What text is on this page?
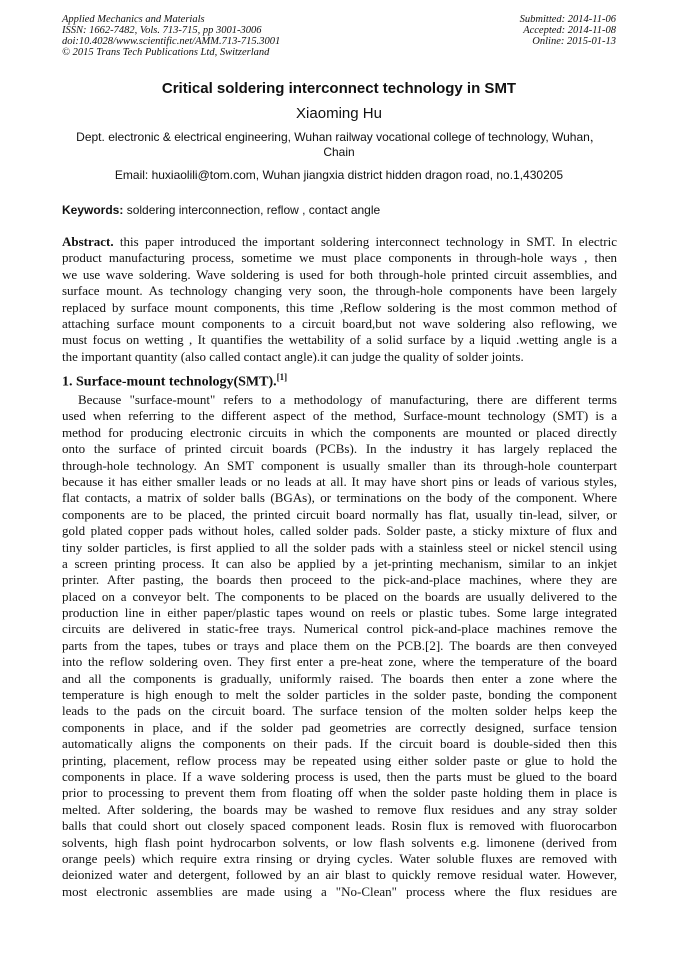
Applied Mechanics and Materials
ISSN: 1662-7482, Vols. 713-715, pp 3001-3006
doi:10.4028/www.scientific.net/AMM.713-715.3001
© 2015 Trans Tech Publications Ltd, Switzerland
Submitted: 2014-11-06
Accepted: 2014-11-08
Online: 2015-01-13
Critical soldering interconnect technology in SMT
Xiaoming Hu
Dept. electronic & electrical engineering, Wuhan railway vocational college of technology, Wuhan，
Chain
Email: huxiaolili@tom.com, Wuhan jiangxia district hidden dragon road, no.1,430205
Keywords: soldering interconnection, reflow , contact angle
Abstract. this paper introduced the important soldering interconnect technology in SMT. In electric
product manufacturing process, sometime we must place components in through-hole ways , then
we use wave soldering. Wave soldering is used for both through-hole printed circuit assemblies, and
surface mount. As technology changing very soon, the through-hole components have been largely
replaced by surface mount components, this time ,Reflow soldering is the most common method of
attaching surface mount components to a circuit board,but not wave soldering also reflowing, we
must focus on wetting , It quantifies the wettability of a solid surface by a liquid .wetting angle is a
the important quantity (also called contact angle).it can judge the quality of solder joints.
1. Surface-mount technology(SMT).[1]
Because "surface-mount" refers to a methodology of manufacturing, there are different terms
used when referring to the different aspect of the method, Surface-mount technology (SMT) is a
method for producing electronic circuits in which the components are mounted or placed directly
onto the surface of printed circuit boards (PCBs). In the industry it has largely replaced the
through-hole technology. An SMT component is usually smaller than its through-hole counterpart
because it has either smaller leads or no leads at all. It may have short pins or leads of various styles,
flat contacts, a matrix of solder balls (BGAs), or terminations on the body of the component. Where
components are to be placed, the printed circuit board normally has flat, usually tin-lead, silver, or
gold plated copper pads without holes, called solder pads. Solder paste, a sticky mixture of flux and
tiny solder particles, is first applied to all the solder pads with a stainless steel or nickel stencil using
a screen printing process. It can also be applied by a jet-printing mechanism, similar to an inkjet
printer. After pasting, the boards then proceed to the pick-and-place machines, where they are
placed on a conveyor belt. The components to be placed on the boards are usually delivered to the
production line in either paper/plastic tapes wound on reels or plastic tubes. Some large integrated
circuits are delivered in static-free trays. Numerical control pick-and-place machines remove the
parts from the tapes, tubes or trays and place them on the PCB.[2]. The boards are then conveyed
into the reflow soldering oven. They first enter a pre-heat zone, where the temperature of the board
and all the components is gradually, uniformly raised. The boards then enter a zone where the
temperature is high enough to melt the solder particles in the solder paste, bonding the component
leads to the pads on the circuit board. The surface tension of the molten solder helps keep the
components in place, and if the solder pad geometries are correctly designed, surface tension
automatically aligns the components on their pads. If the circuit board is double-sided then this
printing, placement, reflow process may be repeated using either solder paste or glue to hold the
components in place. If a wave soldering process is used, then the parts must be glued to the board
prior to processing to prevent them from floating off when the solder paste holding them in place is
melted. After soldering, the boards may be washed to remove flux residues and any stray solder
balls that could short out closely spaced component leads. Rosin flux is removed with fluorocarbon
solvents, high flash point hydrocarbon solvents, or low flash solvents e.g. limonene (derived from
orange peels) which require extra rinsing or drying cycles. Water soluble fluxes are removed with
deionized water and detergent, followed by an air blast to quickly remove residual water. However,
most electronic assemblies are made using a "No-Clean" process where the flux residues are
